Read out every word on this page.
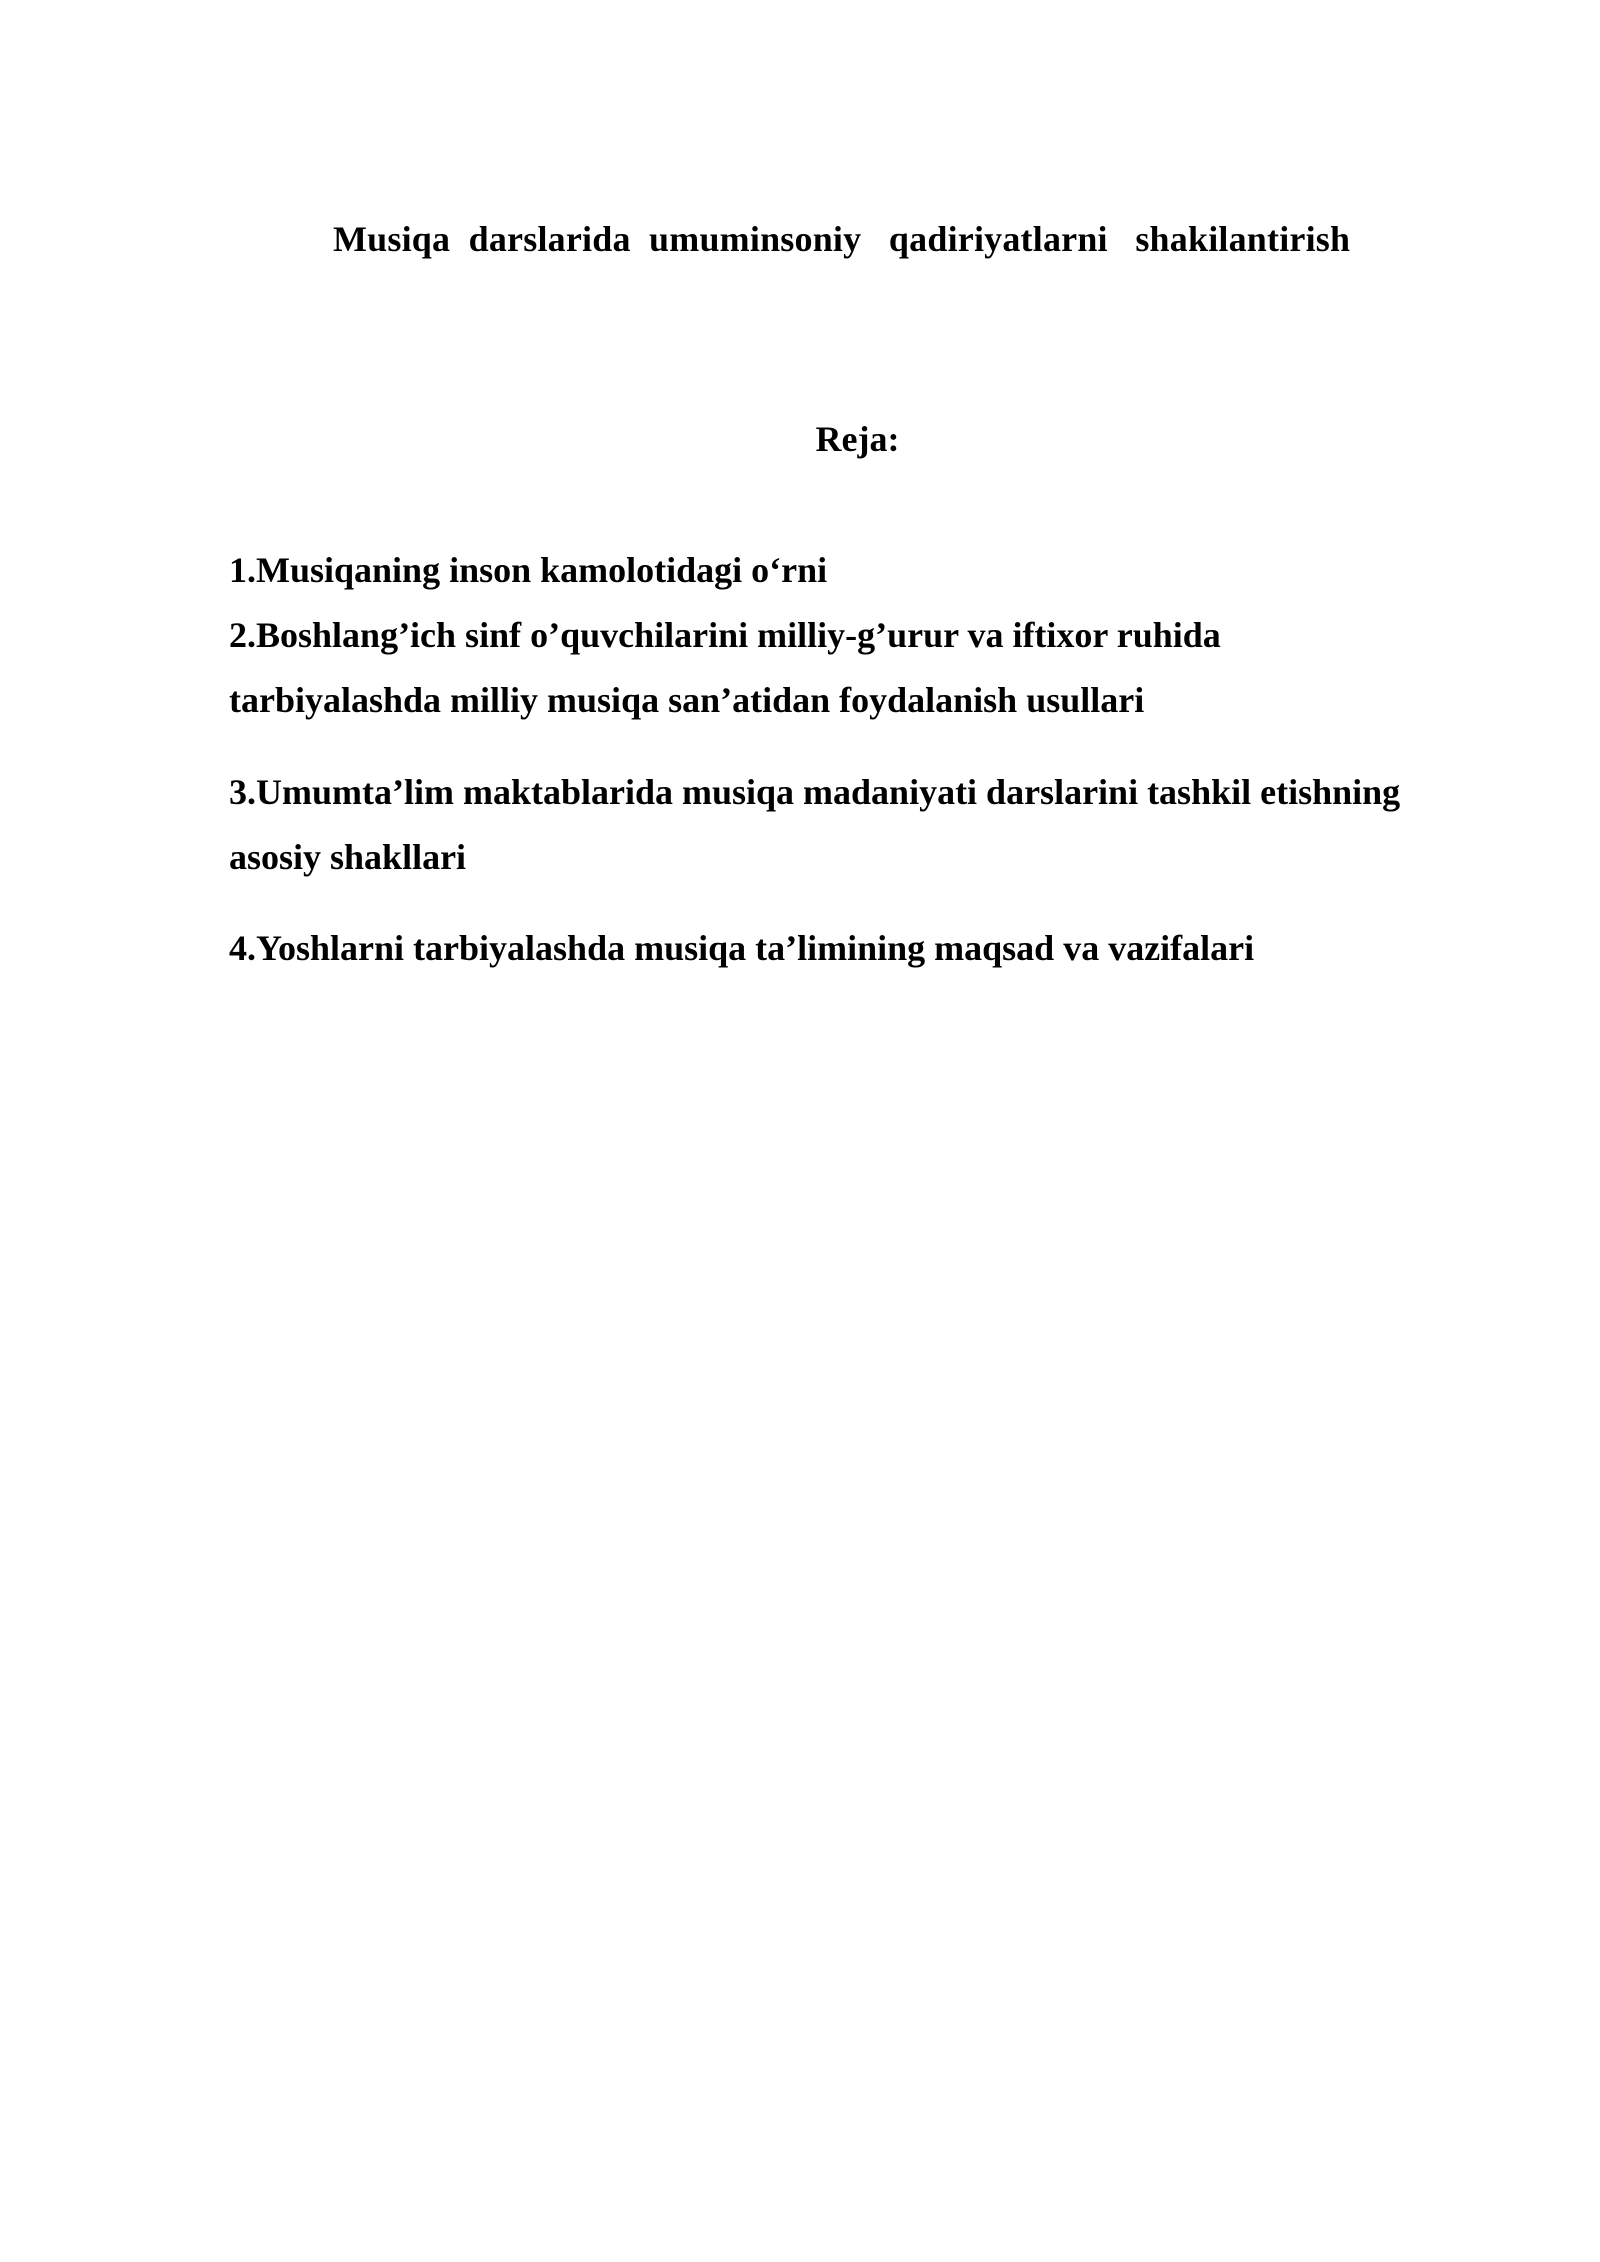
Musiqa  darslarida  umuminsoniy   qadiriyatlarni   shakilantirish
Reja:
1.Musiqaning inson kamolotidagi o‘rni
2.Boshlang’ich sinf o’quvchilarini milliy-g’urur va iftixor ruhida
tarbiyalashda milliy musiqa san’atidan foydalanish usullari
3.Umumta’lim maktablarida musiqa madaniyati darslarini tashkil etishning
asosiy shakllari
4.Yoshlarni tarbiyalashda musiqa ta’limining maqsad va vazifalari
